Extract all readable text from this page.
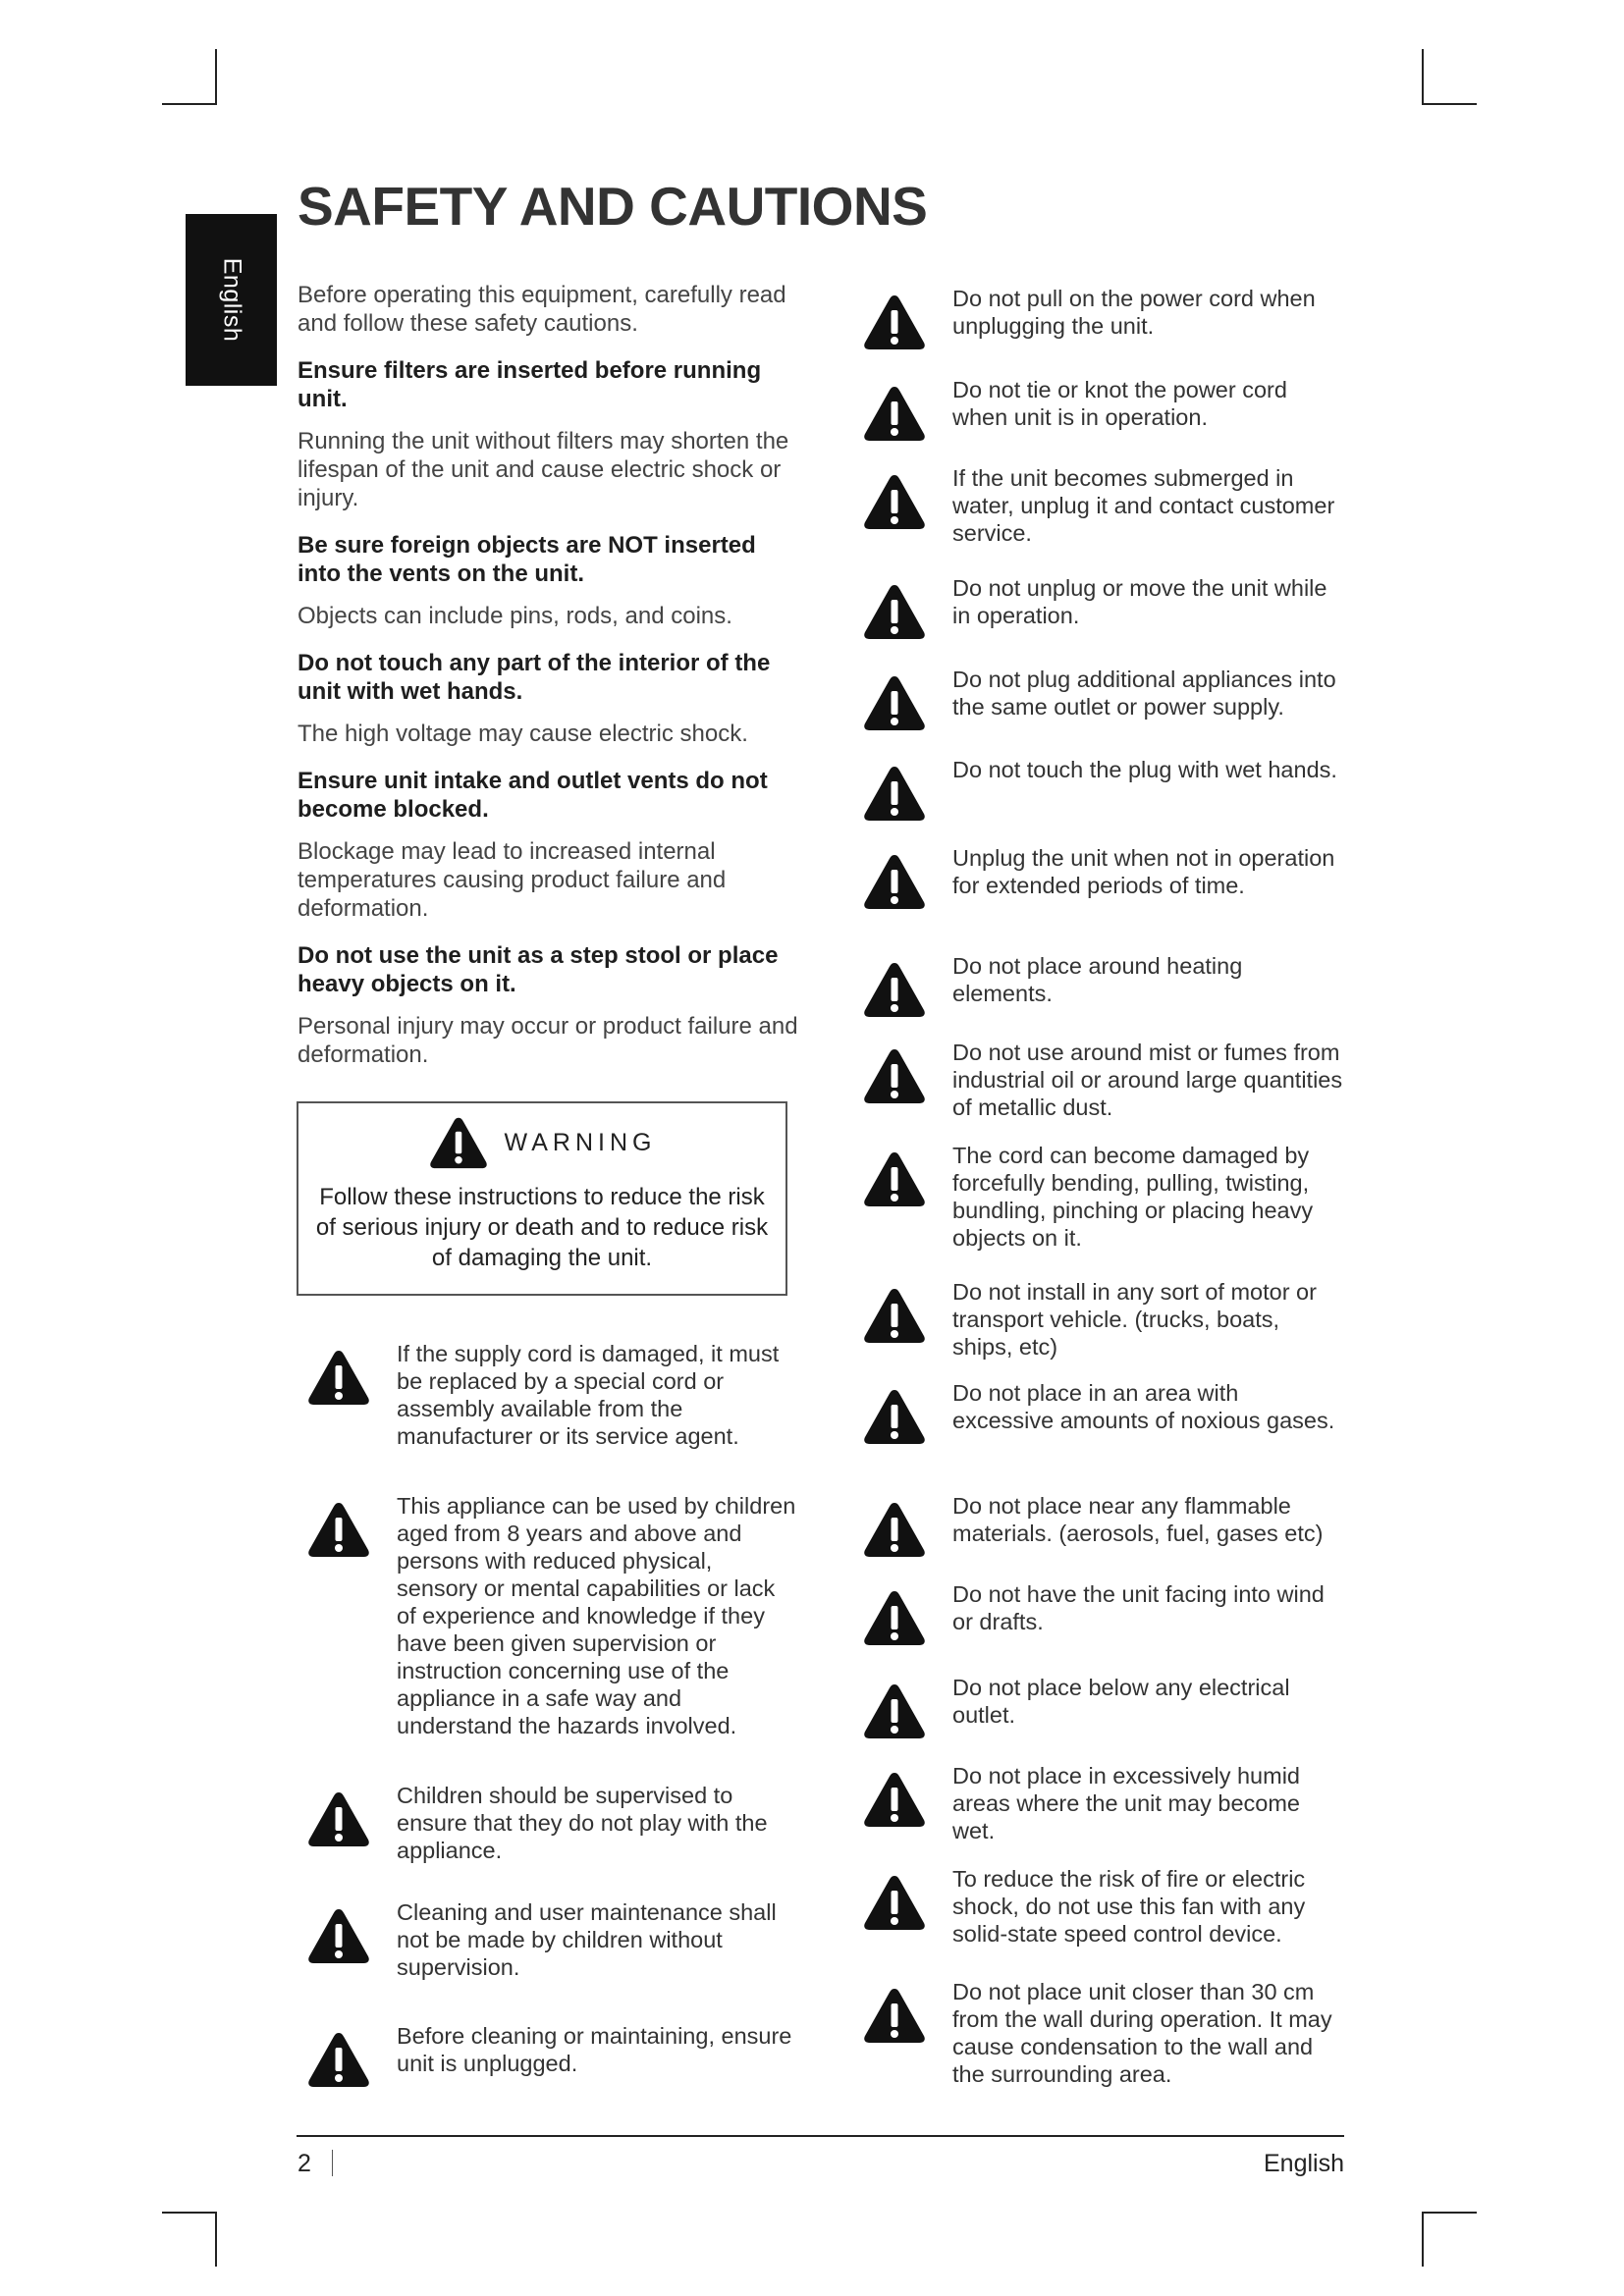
English
SAFETY AND CAUTIONS

Before operating this equipment, carefully read and follow these safety cautions.

Ensure filters are inserted before running unit.

Running the unit without filters may shorten the lifespan of the unit and cause electric shock or injury.

Be sure foreign objects are NOT inserted into the vents on the unit.

Objects can include pins, rods, and coins.

Do not touch any part of the interior of the unit with wet hands.

The high voltage may cause electric shock.

Ensure unit intake and outlet vents do not become blocked.

Blockage may lead to increased internal temperatures causing product failure and deformation.

Do not use the unit as a step stool or place heavy objects on it.

Personal injury may occur or product failure and deformation.

WARNING
Follow these instructions to reduce the risk of serious injury or death and to reduce risk of damaging the unit.
If the supply cord is damaged, it must be replaced by a special cord or assembly available from the manufacturer or its service agent.
This appliance can be used by children aged from 8 years and above and persons with reduced physical, sensory or mental capabilities or lack of experience and knowledge if they have been given supervision or instruction concerning use of the appliance in a safe way and understand the hazards involved.
Children should be supervised to ensure that they do not play with the appliance.
Cleaning and user maintenance shall not be made by children without supervision.
Before cleaning or maintaining, ensure unit is unplugged.
Do not pull on the power cord when unplugging the unit.
Do not tie or knot the power cord when unit is in operation.
If the unit becomes submerged in water, unplug it and contact customer service.
Do not unplug or move the unit while in operation.
Do not plug additional appliances into the same outlet or power supply.
Do not touch the plug with wet hands.
Unplug the unit when not in operation for extended periods of time.
Do not place around heating elements.
Do not use around mist or fumes from industrial oil or around large quantities of metallic dust.
The cord can become damaged by forcefully bending, pulling, twisting, bundling, pinching or placing heavy objects on it.
Do not install in any sort of motor or transport vehicle. (trucks, boats, ships, etc)
Do not place in an area with excessive amounts of noxious gases.
Do not place near any flammable materials. (aerosols, fuel, gases etc)
Do not have the unit facing into wind or drafts.
Do not place below any electrical outlet.
Do not place in excessively humid areas where the unit may become wet.
To reduce the risk of fire or electric shock, do not use this fan with any solid-state speed control device.
Do not place unit closer than 30 cm from the wall during operation. It may cause condensation to the wall and the surrounding area.
2	English
